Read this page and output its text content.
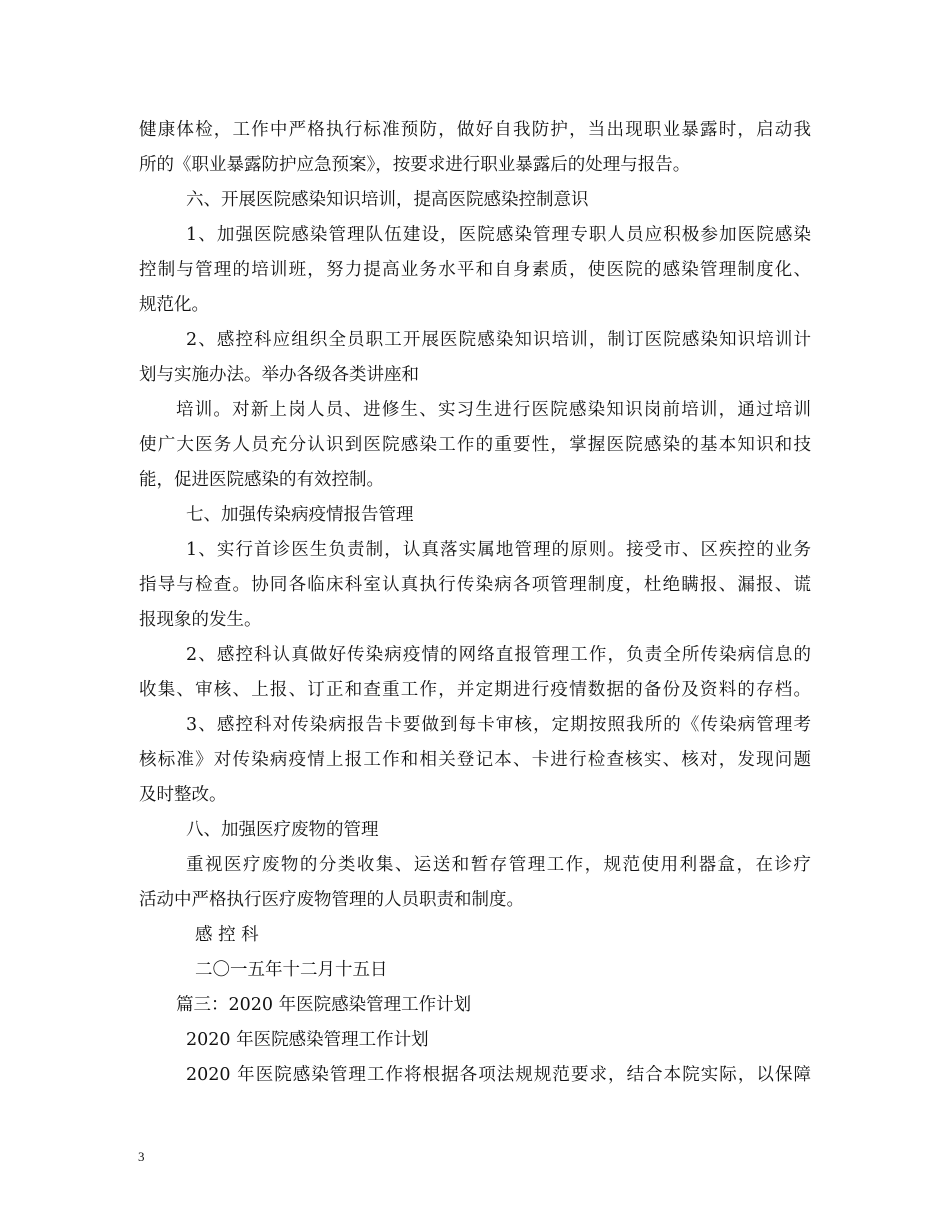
健康体检，工作中严格执行标准预防，做好自我防护，当出现职业暴露时，启动我
所的《职业暴露防护应急预案》，按要求进行职业暴露后的处理与报告。
六、开展医院感染知识培训，提高医院感染控制意识
1、加强医院感染管理队伍建设，医院感染管理专职人员应积极参加医院感染
控制与管理的培训班，努力提高业务水平和自身素质，使医院的感染管理制度化、
规范化。
2、感控科应组织全员职工开展医院感染知识培训，制订医院感染知识培训计
划与实施办法。举办各级各类讲座和
培训。对新上岗人员、进修生、实习生进行医院感染知识岗前培训，通过培训
使广大医务人员充分认识到医院感染工作的重要性，掌握医院感染的基本知识和技
能，促进医院感染的有效控制。
七、加强传染病疫情报告管理
1、实行首诊医生负责制，认真落实属地管理的原则。接受市、区疾控的业务
指导与检查。协同各临床科室认真执行传染病各项管理制度，杜绝瞒报、漏报、谎
报现象的发生。
2、感控科认真做好传染病疫情的网络直报管理工作，负责全所传染病信息的
收集、审核、上报、订正和查重工作，并定期进行疫情数据的备份及资料的存档。
3、感控科对传染病报告卡要做到每卡审核，定期按照我所的《传染病管理考
核标准》对传染病疫情上报工作和相关登记本、卡进行检查核实、核对，发现问题
及时整改。
八、加强医疗废物的管理
重视医疗废物的分类收集、运送和暂存管理工作，规范使用利器盒，在诊疗
活动中严格执行医疗废物管理的人员职责和制度。
感 控 科
二〇一五年十二月十五日
篇三：2020 年医院感染管理工作计划
2020 年医院感染管理工作计划
2020 年医院感染管理工作将根据各项法规规范要求，结合本院实际，以保障
3
